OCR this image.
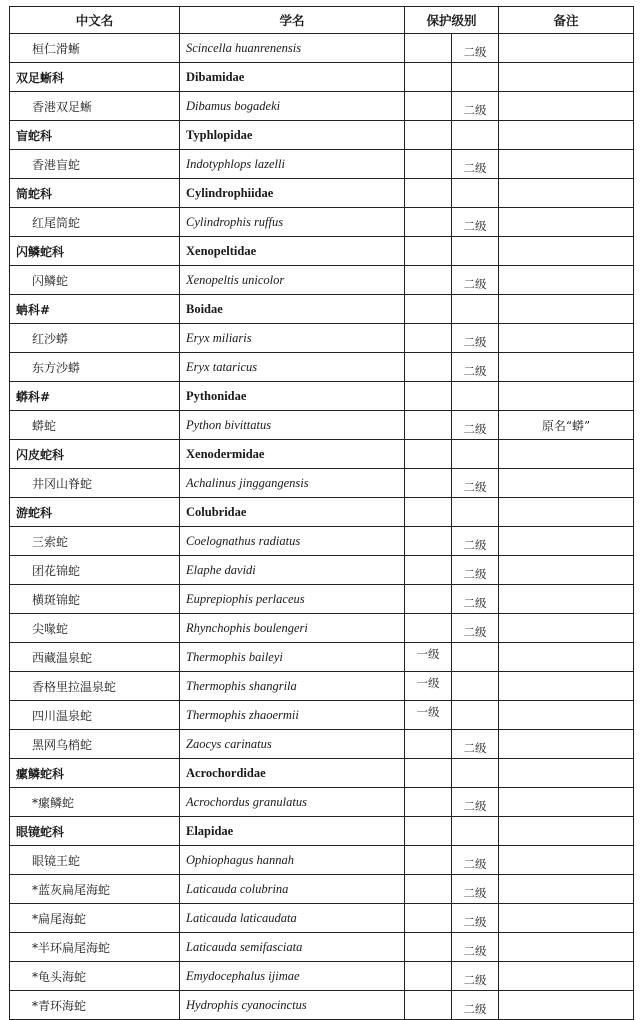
中文名	学名	保护级别		备注
桓仁滑蜥	Scincella huanrenensis		二级	
双足蜥科	Dibamidae			
香港双足蜥	Dibamus bogadeki		二级	
盲蛇科	Typhlopidae			
香港盲蛇	Indotyphlops lazelli		二级	
筒蛇科	Cylindrophiidae			
红尾筒蛇	Cylindrophis ruffus		二级	
闪鳞蛇科	Xenopeltidae			
闪鳞蛇	Xenopeltis unicolor		二级	
蚺科#	Boidae			
红沙蟒	Eryx miliaris		二级	
东方沙蟒	Eryx tataricus		二级	
蟒科#	Pythonidae			
蟒蛇	Python bivittatus		二级	原名“蟒”
闪皮蛇科	Xenodermidae			
井冈山脊蛇	Achalinus jinggangensis		二级	
游蛇科	Colubridae			
三索蛇	Coelognathus radiatus		二级	
团花锦蛇	Elaphe davidi		二级	
横斑锦蛇	Euprepiophis perlaceus		二级	
尖喙蛇	Rhynchophis boulengeri		二级	
西藏温泉蛇	Thermophis baileyi	一级		
香格里拉温泉蛇	Thermophis shangrila	一级		
四川温泉蛇	Thermophis zhaoermii	一级		
黑网乌梢蛇	Zaocys carinatus		二级	
瘰鳞蛇科	Acrochordidae			
*瘰鳞蛇	Acrochordus granulatus		二级	
眼镜蛇科	Elapidae			
眼镜王蛇	Ophiophagus hannah		二级	
*蓝灰扁尾海蛇	Laticauda colubrina		二级	
*扁尾海蛇	Laticauda laticaudata		二级	
*半环扁尾海蛇	Laticauda semifasciata		二级	
*龟头海蛇	Emydocephalus ijimae		二级	
*青环海蛇	Hydrophis cyanocinctus		二级	
